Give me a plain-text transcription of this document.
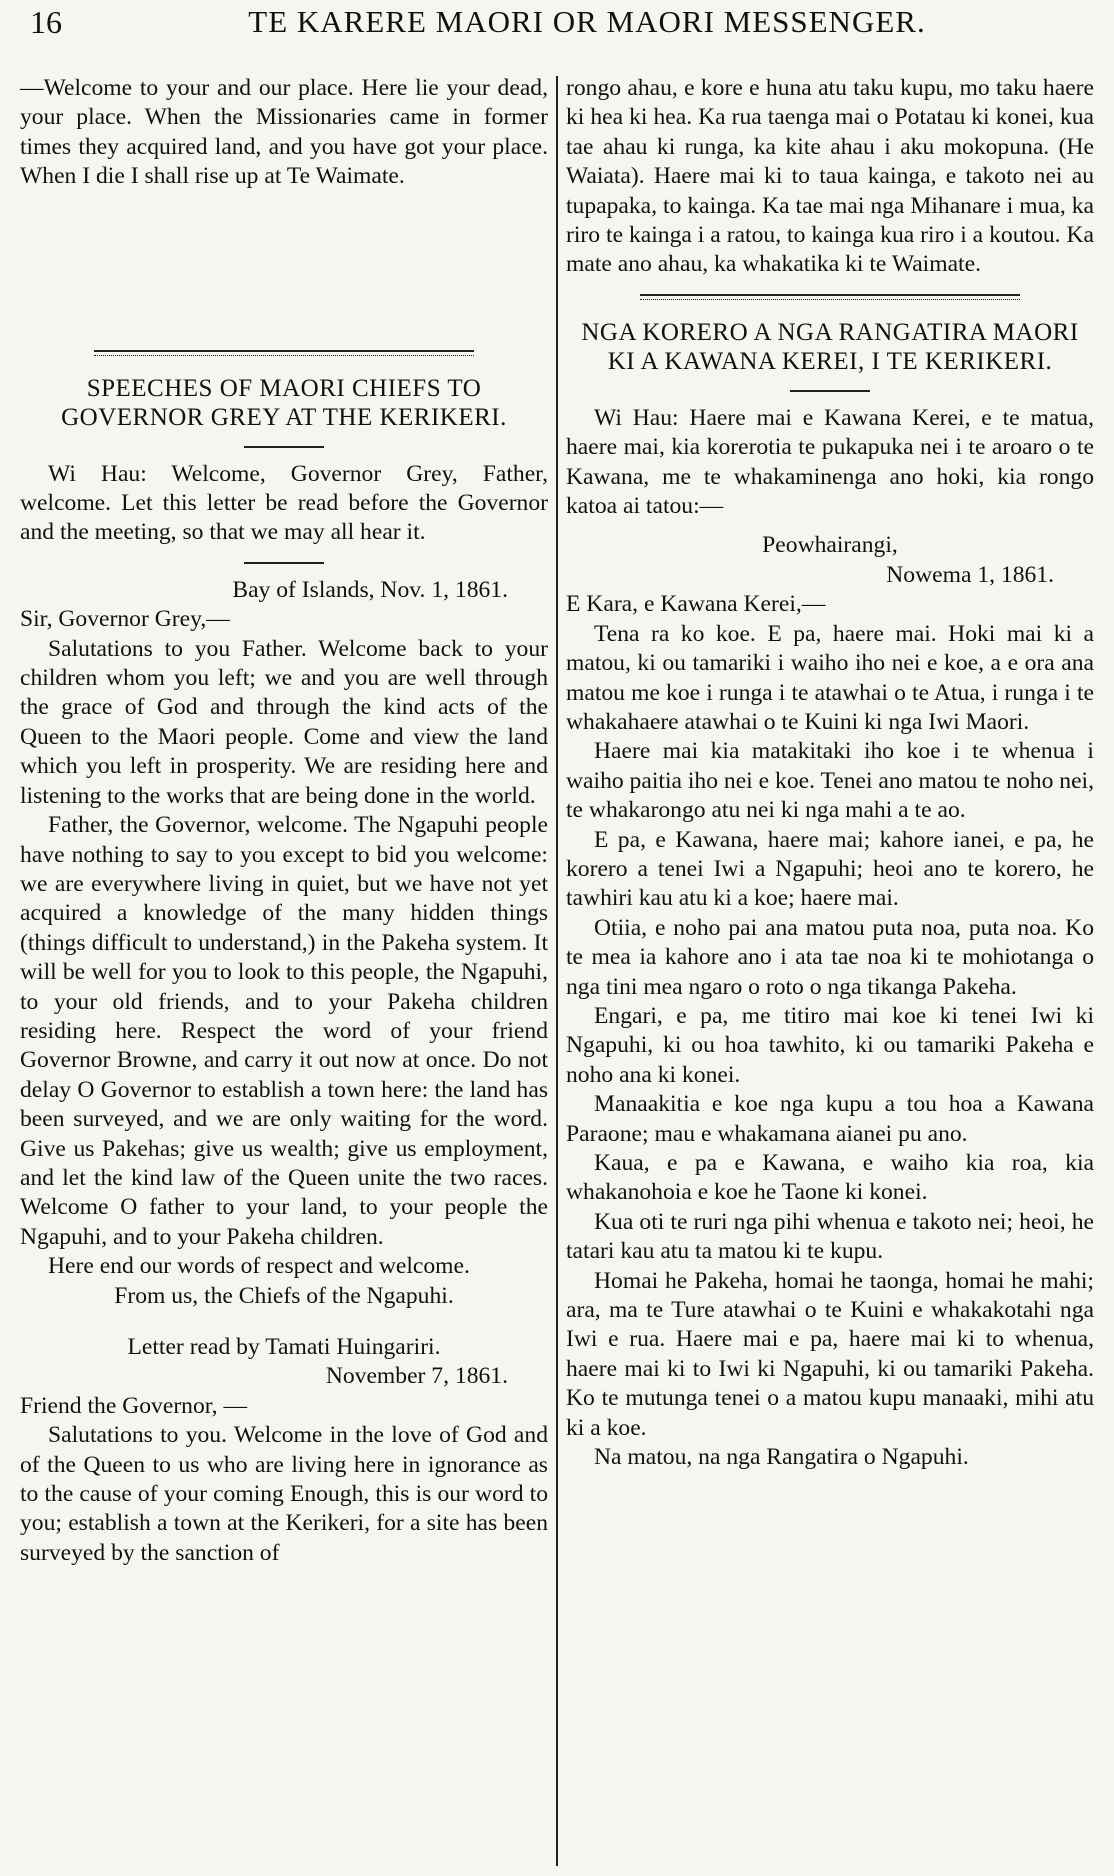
16	TE KARERE MAORI OR MAORI MESSENGER.

—Welcome to your and our place. Here lie your dead, your place. When the Missionaries came in former times they acquired land, and you have got your place. When I die I shall rise up at Te Waimate.

SPEECHES OF MAORI CHIEFS TO GOVERNOR GREY AT THE KERIKERI.

Wi Hau: Welcome, Governor Grey, Father, welcome. Let this letter be read before the Governor and the meeting, so that we may all hear it.

Bay of Islands, Nov. 1, 1861.

Sir, Governor Grey,—

Salutations to you Father. Welcome back to your children whom you left; we and you are well through the grace of God and through the kind acts of the Queen to the Maori people. Come and view the land which you left in prosperity. We are residing here and listening to the works that are being done in the world.

Father, the Governor, welcome. The Ngapuhi people have nothing to say to you except to bid you welcome: we are everywhere living in quiet, but we have not yet acquired a knowledge of the many hidden things (things difficult to understand,) in the Pakeha system. It will be well for you to look to this people, the Ngapuhi, to your old friends, and to your Pakeha children residing here. Respect the word of your friend Governor Browne, and carry it out now at once. Do not delay O Governor to establish a town here: the land has been surveyed, and we are only waiting for the word. Give us Pakehas; give us wealth; give us employment, and let the kind law of the Queen unite the two races. Welcome O father to your land, to your people the Ngapuhi, and to your Pakeha children.

Here end our words of respect and welcome.

From us, the Chiefs of the Ngapuhi.

Letter read by Tamati Huingariri.

November 7, 1861.

Friend the Governor, —

Salutations to you. Welcome in the love of God and of the Queen to us who are living here in ignorance as to the cause of your coming Enough, this is our word to you; establish a town at the Kerikeri, for a site has been surveyed by the sanction of

rongo ahau, e kore e huna atu taku kupu, mo taku haere ki hea ki hea. Ka rua taenga mai o Potatau ki konei, kua tae ahau ki runga, ka kite ahau i aku mokopuna. (He Waiata). Haere mai ki to taua kainga, e takoto nei au tupapaka, to kainga. Ka tae mai nga Mihanare i mua, ka riro te kainga i a ratou, to kainga kua riro i a koutou. Ka mate ano ahau, ka whakatika ki te Waimate.

NGA KORERO A NGA RANGATIRA MAORI KI A KAWANA KEREI, I TE KERIKERI.

Wi Hau: Haere mai e Kawana Kerei, e te matua, haere mai, kia korerotia te pukapuka nei i te aroaro o te Kawana, me te whakaminenga ano hoki, kia rongo katoa ai tatou:—

Peowhairangi,

Nowema 1, 1861.

E Kara, e Kawana Kerei,—

Tena ra ko koe. E pa, haere mai. Hoki mai ki a matou, ki ou tamariki i waiho iho nei e koe, a e ora ana matou me koe i runga i te atawhai o te Atua, i runga i te whakahaere atawhai o te Kuini ki nga Iwi Maori.

Haere mai kia matakitaki iho koe i te whenua i waiho paitia iho nei e koe. Tenei ano matou te noho nei, te whakarongo atu nei ki nga mahi a te ao.

E pa, e Kawana, haere mai; kahore ianei, e pa, he korero a tenei Iwi a Ngapuhi; heoi ano te korero, he tawhiri kau atu ki a koe; haere mai.

Otiia, e noho pai ana matou puta noa, puta noa. Ko te mea ia kahore ano i ata tae noa ki te mohiotanga o nga tini mea ngaro o roto o nga tikanga Pakeha.

Engari, e pa, me titiro mai koe ki tenei Iwi ki Ngapuhi, ki ou hoa tawhito, ki ou tamariki Pakeha e noho ana ki konei.

Manaakitia e koe nga kupu a tou hoa a Kawana Paraone; mau e whakamana aianei pu ano.

Kaua, e pa e Kawana, e waiho kia roa, kia whakanohoia e koe he Taone ki konei.

Kua oti te ruri nga pihi whenua e takoto nei; heoi, he tatari kau atu ta matou ki te kupu.

Homai he Pakeha, homai he taonga, homai he mahi; ara, ma te Ture atawhai o te Kuini e whakakotahi nga Iwi e rua. Haere mai e pa, haere mai ki to whenua, haere mai ki to Iwi ki Ngapuhi, ki ou tamariki Pakeha. Ko te mutunga tenei o a matou kupu manaaki, mihi atu ki a koe.

Na matou, na nga Rangatira o Ngapuhi.
